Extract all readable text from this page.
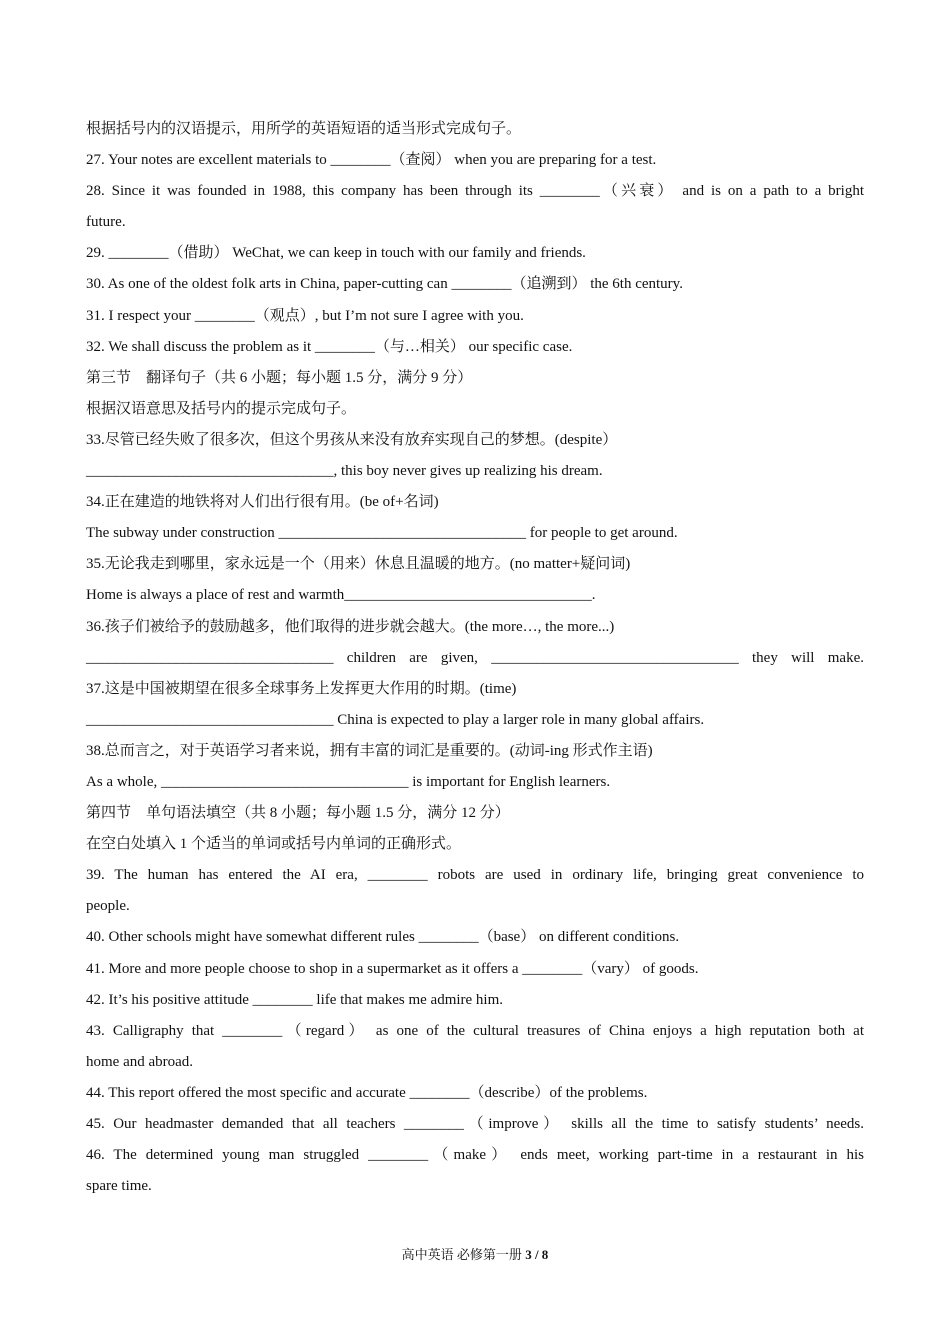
根据括号内的汉语提示，用所学的英语短语的适当形式完成句子。
27. Your notes are excellent materials to ________（查阅） when you are preparing for a test.
28. Since it was founded in 1988, this company has been through its ________（兴衰） and is on a path to a bright
future.
29. ________（借助） WeChat, we can keep in touch with our family and friends.
30. As one of the oldest folk arts in China, paper-cutting can ________（追溯到） the 6th century.
31. I respect your ________（观点）, but I’m not sure I agree with you.
32. We shall discuss the problem as it ________（与…相关） our specific case.
第三节　翻译句子（共 6 小题；每小题 1.5 分，满分 9 分）
根据汉语意思及括号内的提示完成句子。
33.尽管已经失败了很多次，但这个男孩从来没有放弃实现自己的梦想。(despite）
_________________________________, this boy never gives up realizing his dream.
34.正在建造的地铁将对人们出行很有用。(be of+名词)
The subway under construction _________________________________ for people to get around.
35.无论我走到哪里，家永远是一个（用来）休息且温暖的地方。(no matter+疑问词)
Home is always a place of rest and warmth_________________________________.
36.孩子们被给予的鼓励越多，他们取得的进步就会越大。(the more…, the more...)
_________________________________ children are given, _________________________________ they will make.
37.这是中国被期望在很多全球事务上发挥更大作用的时期。(time)
_________________________________ China is expected to play a larger role in many global affairs.
38.总而言之，对于英语学习者来说，拥有丰富的词汇是重要的。(动词-ing 形式作主语)
As a whole, _________________________________ is important for English learners.
第四节　单句语法填空（共 8 小题；每小题 1.5 分，满分 12 分）
在空白处填入 1 个适当的单词或括号内单词的正确形式。
39. The human has entered the AI era, ________ robots are used in ordinary life, bringing great convenience to
people.
40. Other schools might have somewhat different rules ________（base） on different conditions.
41. More and more people choose to shop in a supermarket as it offers a ________（vary） of goods.
42. It’s his positive attitude ________ life that makes me admire him.
43. Calligraphy that ________（regard） as one of the cultural treasures of China enjoys a high reputation both at
home and abroad.
44. This report offered the most specific and accurate ________（describe）of the problems.
45. Our headmaster demanded that all teachers ________（improve） skills all the time to satisfy students’ needs.
46. The determined young man struggled ________（make） ends meet, working part-time in a restaurant in his
spare time.
高中英语 必修第一册 3 / 8
